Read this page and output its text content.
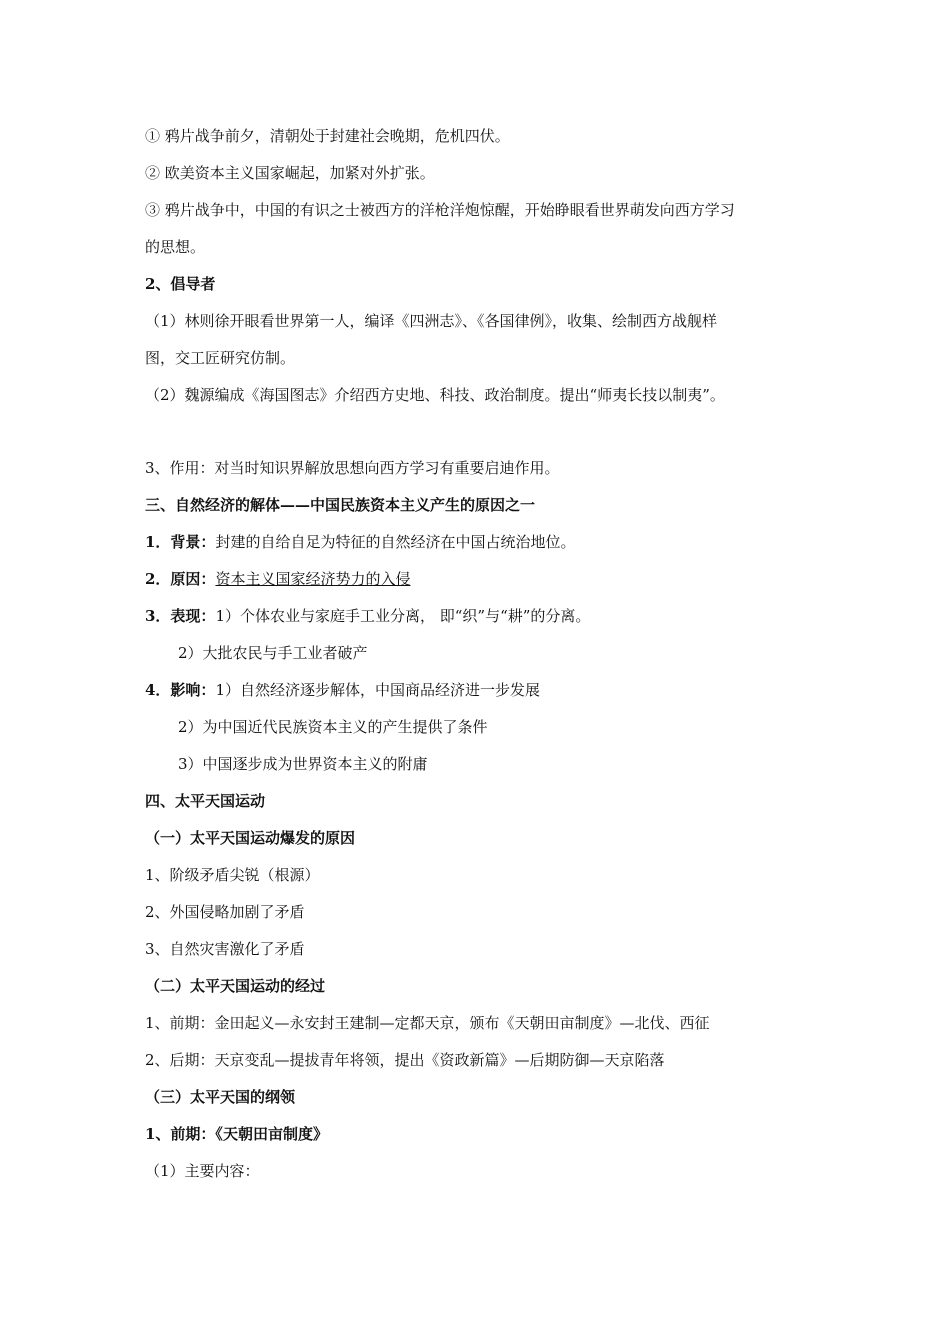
① 鸦片战争前夕，清朝处于封建社会晚期，危机四伏。
② 欧美资本主义国家崛起，加紧对外扩张。
③ 鸦片战争中，中国的有识之士被西方的洋枪洋炮惊醒，开始睁眼看世界萌发向西方学习
的思想。
2、倡导者
（1）林则徐开眼看世界第一人，编译《四洲志》、《各国律例》，收集、绘制西方战舰样
图，交工匠研究仿制。
（2）魏源编成《海国图志》介绍西方史地、科技、政治制度。提出“师夷长技以制夷”。
3、作用：对当时知识界解放思想向西方学习有重要启迪作用。
三、自然经济的解体——中国民族资本主义产生的原因之一
1．背景：封建的自给自足为特征的自然经济在中国占统治地位。
2．原因：资本主义国家经济势力的入侵
3．表现：1）个体农业与家庭手工业分离， 即“织”与“耕”的分离。
2）大批农民与手工业者破产
4．影响：1）自然经济逐步解体，中国商品经济进一步发展
2）为中国近代民族资本主义的产生提供了条件
3）中国逐步成为世界资本主义的附庸
四、太平天国运动
（一）太平天国运动爆发的原因
1、阶级矛盾尖锐（根源）
2、外国侵略加剧了矛盾
3、自然灾害激化了矛盾
（二）太平天国运动的经过
1、前期：金田起义—永安封王建制—定都天京，颁布《天朝田亩制度》—北伐、西征
2、后期：天京变乱—提拔青年将领，提出《资政新篇》—后期防御—天京陷落
（三）太平天国的纲领
1、前期：《天朝田亩制度》
（1）主要内容：
